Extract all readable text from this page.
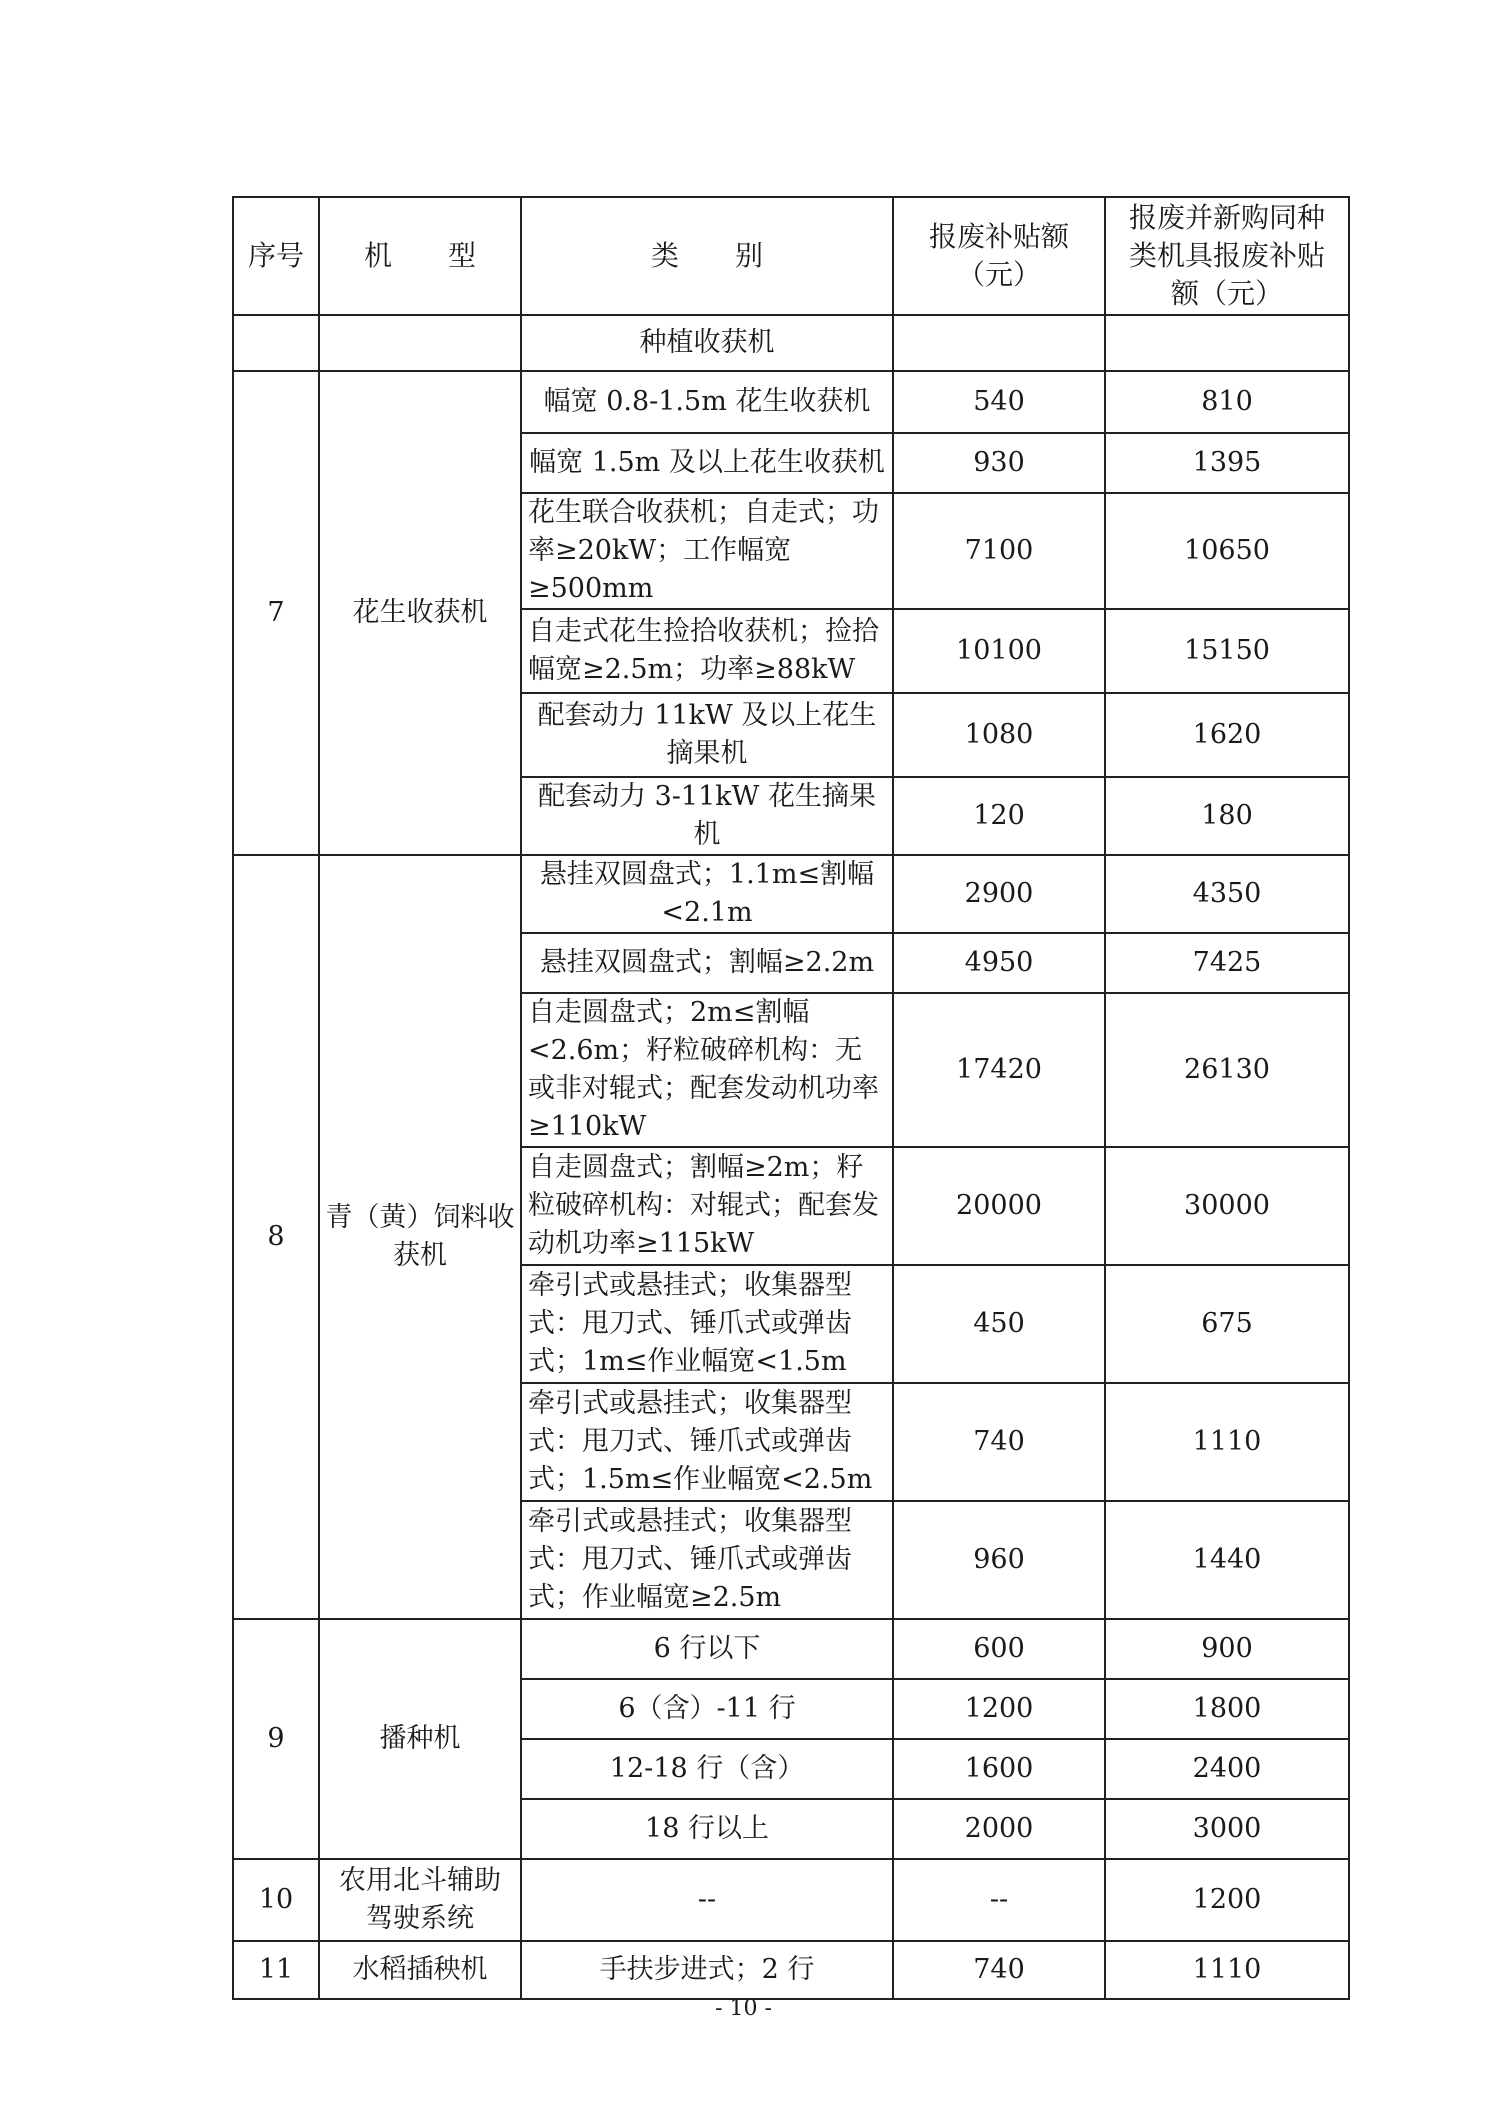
序号	机　　型	类　　别	报废补贴额（元）	报废并新购同种类机具报废补贴额（元）
		种植收获机		
7	花生收获机	幅宽 0.8-1.5m 花生收获机	540	810
		幅宽 1.5m 及以上花生收获机	930	1395
		花生联合收获机；自走式；功率≥20kW；工作幅宽≥500mm	7100	10650
		自走式花生捡拾收获机；捡拾幅宽≥2.5m；功率≥88kW	10100	15150
		配套动力 11kW 及以上花生摘果机	1080	1620
		配套动力 3-11kW 花生摘果机	120	180
8	青（黄）饲料收获机	悬挂双圆盘式；1.1m≤割幅<2.1m	2900	4350
		悬挂双圆盘式；割幅≥2.2m	4950	7425
		自走圆盘式；2m≤割幅<2.6m；籽粒破碎机构：无或非对辊式；配套发动机功率≥110kW	17420	26130
		自走圆盘式；割幅≥2m；籽粒破碎机构：对辊式；配套发动机功率≥115kW	20000	30000
		牵引式或悬挂式；收集器型式：甩刀式、锤爪式或弹齿式；1m≤作业幅宽<1.5m	450	675
		牵引式或悬挂式；收集器型式：甩刀式、锤爪式或弹齿式；1.5m≤作业幅宽<2.5m	740	1110
		牵引式或悬挂式；收集器型式：甩刀式、锤爪式或弹齿式；作业幅宽≥2.5m	960	1440
9	播种机	6 行以下	600	900
		6（含）-11 行	1200	1800
		12-18 行（含）	1600	2400
		18 行以上	2000	3000
10	农用北斗辅助驾驶系统	--	--	1200
11	水稻插秧机	手扶步进式；2 行	740	1110
- 10 -
